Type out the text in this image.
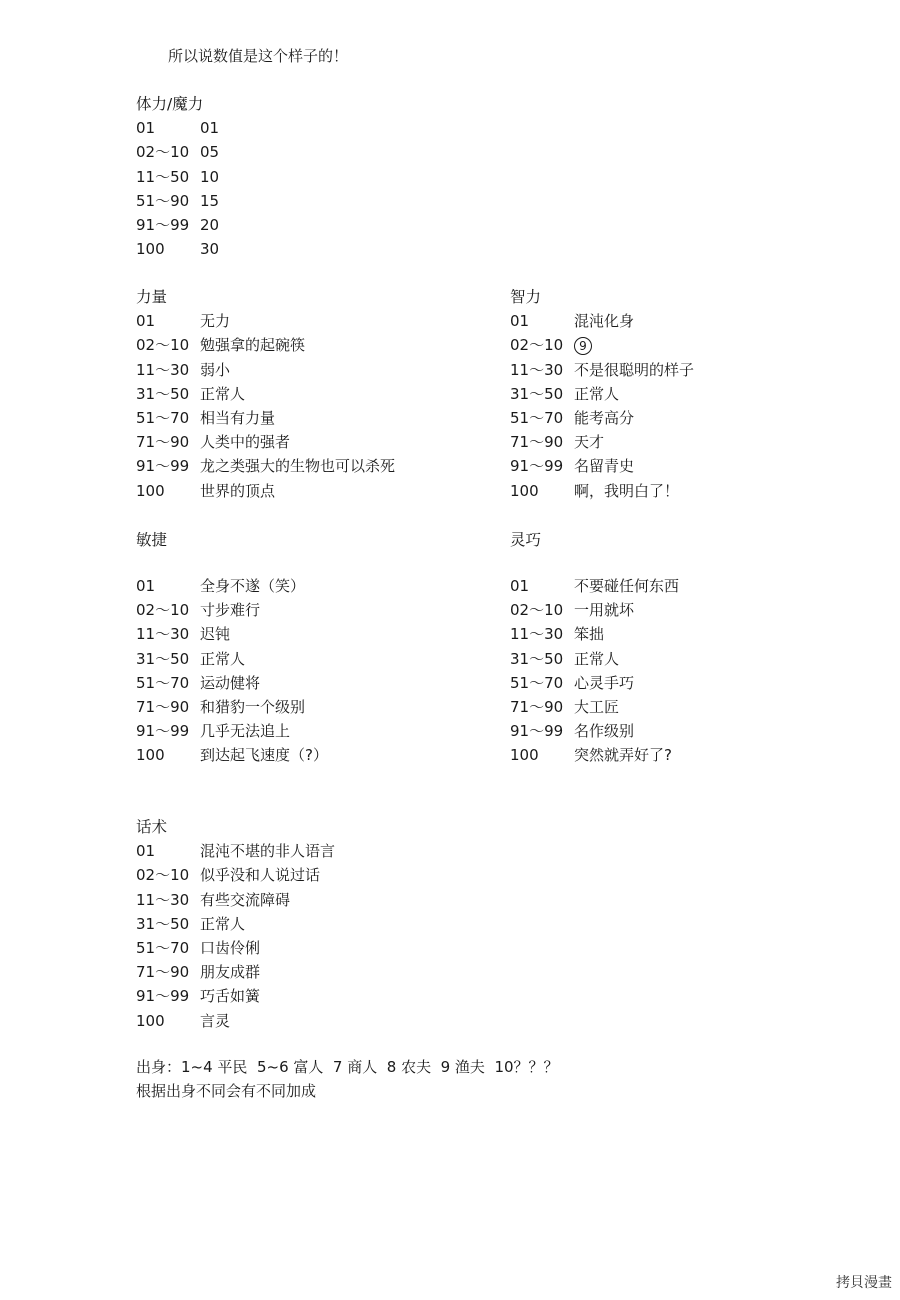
所以说数值是这个样子的！
体力/魔力
01	01
02～10 05
11～50 10
51～90 15
91～99 20
100 30
力量
01	无力
02～10 勉强拿的起碗筷
11～30 弱小
31～50 正常人
51～70 相当有力量
71～90 人类中的强者
91～99 龙之类强大的生物也可以杀死
100 世界的顶点
智力
01	混沌化身
02～10	9
11～30 不是很聪明的样子
31～50 正常人
51～70 能考高分
71～90 天才
91～99 名留青史
100 啊，我明白了！
敏捷
01	全身不遂（笑）
02～10 寸步难行
11～30 迟钝
31～50 正常人
51～70 运动健将
71～90 和猎豹一个级别
91～99 几乎无法追上
100 到达起飞速度（?）
灵巧
01	不要碰任何东西
02～10 一用就坏
11～30 笨拙
31～50 正常人
51～70 心灵手巧
71～90 大工匠
91～99 名作级别
100 突然就弄好了?
话术
01	混沌不堪的非人语言
02～10 似乎没和人说过话
11～30 有些交流障碍
31～50 正常人
51～70 口齿伶俐
71～90 朋友成群
91～99 巧舌如簧
100 言灵
出身：1~4 平民  5~6 富人  7 商人  8 农夫  9 渔夫  10？？？
根据出身不同会有不同加成
拷貝漫畫
